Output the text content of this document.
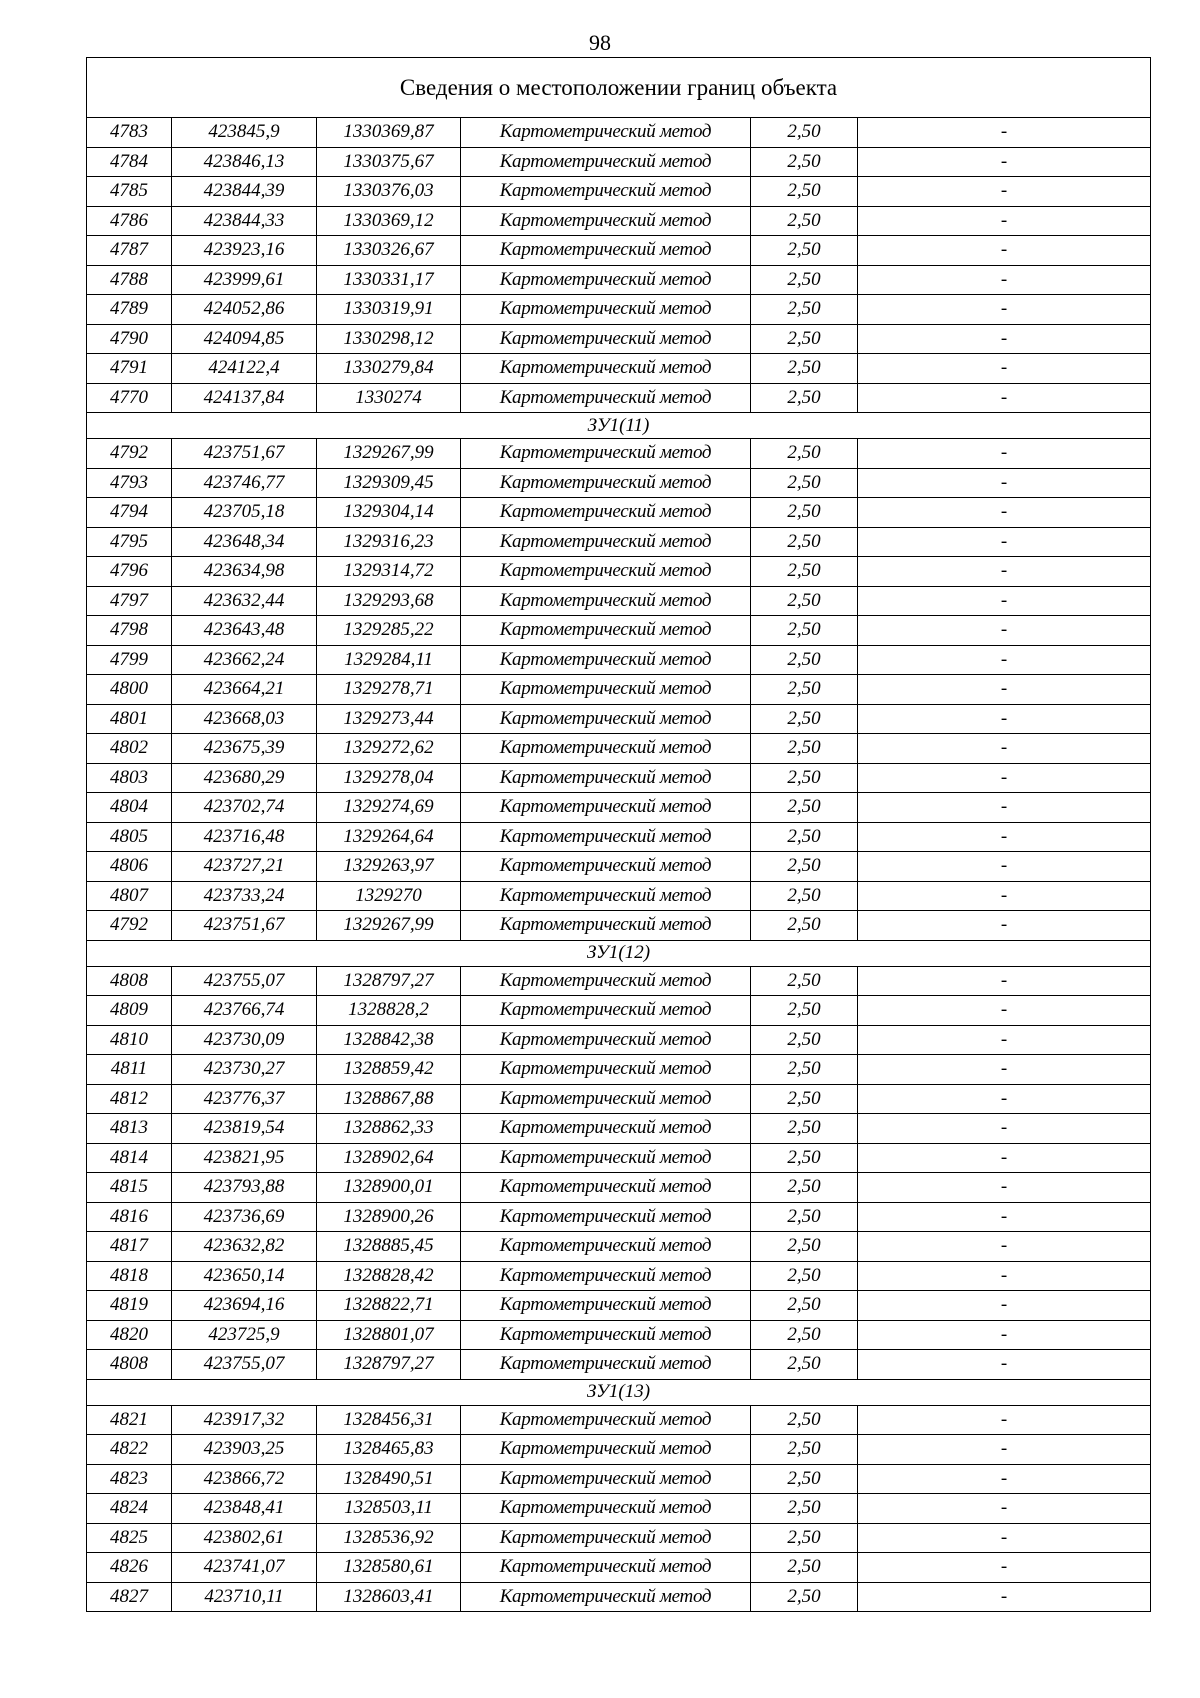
98
Сведения о местоположении границ объекта					
4783	423845,9	1330369,87	Картометрический метод	2,50	-
4784	423846,13	1330375,67	Картометрический метод	2,50	-
4785	423844,39	1330376,03	Картометрический метод	2,50	-
4786	423844,33	1330369,12	Картометрический метод	2,50	-
4787	423923,16	1330326,67	Картометрический метод	2,50	-
4788	423999,61	1330331,17	Картометрический метод	2,50	-
4789	424052,86	1330319,91	Картометрический метод	2,50	-
4790	424094,85	1330298,12	Картометрический метод	2,50	-
4791	424122,4	1330279,84	Картометрический метод	2,50	-
4770	424137,84	1330274	Картометрический метод	2,50	-
ЗУ1(11)					
4792	423751,67	1329267,99	Картометрический метод	2,50	-
4793	423746,77	1329309,45	Картометрический метод	2,50	-
4794	423705,18	1329304,14	Картометрический метод	2,50	-
4795	423648,34	1329316,23	Картометрический метод	2,50	-
4796	423634,98	1329314,72	Картометрический метод	2,50	-
4797	423632,44	1329293,68	Картометрический метод	2,50	-
4798	423643,48	1329285,22	Картометрический метод	2,50	-
4799	423662,24	1329284,11	Картометрический метод	2,50	-
4800	423664,21	1329278,71	Картометрический метод	2,50	-
4801	423668,03	1329273,44	Картометрический метод	2,50	-
4802	423675,39	1329272,62	Картометрический метод	2,50	-
4803	423680,29	1329278,04	Картометрический метод	2,50	-
4804	423702,74	1329274,69	Картометрический метод	2,50	-
4805	423716,48	1329264,64	Картометрический метод	2,50	-
4806	423727,21	1329263,97	Картометрический метод	2,50	-
4807	423733,24	1329270	Картометрический метод	2,50	-
4792	423751,67	1329267,99	Картометрический метод	2,50	-
ЗУ1(12)					
4808	423755,07	1328797,27	Картометрический метод	2,50	-
4809	423766,74	1328828,2	Картометрический метод	2,50	-
4810	423730,09	1328842,38	Картометрический метод	2,50	-
4811	423730,27	1328859,42	Картометрический метод	2,50	-
4812	423776,37	1328867,88	Картометрический метод	2,50	-
4813	423819,54	1328862,33	Картометрический метод	2,50	-
4814	423821,95	1328902,64	Картометрический метод	2,50	-
4815	423793,88	1328900,01	Картометрический метод	2,50	-
4816	423736,69	1328900,26	Картометрический метод	2,50	-
4817	423632,82	1328885,45	Картометрический метод	2,50	-
4818	423650,14	1328828,42	Картометрический метод	2,50	-
4819	423694,16	1328822,71	Картометрический метод	2,50	-
4820	423725,9	1328801,07	Картометрический метод	2,50	-
4808	423755,07	1328797,27	Картометрический метод	2,50	-
ЗУ1(13)					
4821	423917,32	1328456,31	Картометрический метод	2,50	-
4822	423903,25	1328465,83	Картометрический метод	2,50	-
4823	423866,72	1328490,51	Картометрический метод	2,50	-
4824	423848,41	1328503,11	Картометрический метод	2,50	-
4825	423802,61	1328536,92	Картометрический метод	2,50	-
4826	423741,07	1328580,61	Картометрический метод	2,50	-
4827	423710,11	1328603,41	Картометрический метод	2,50	-
